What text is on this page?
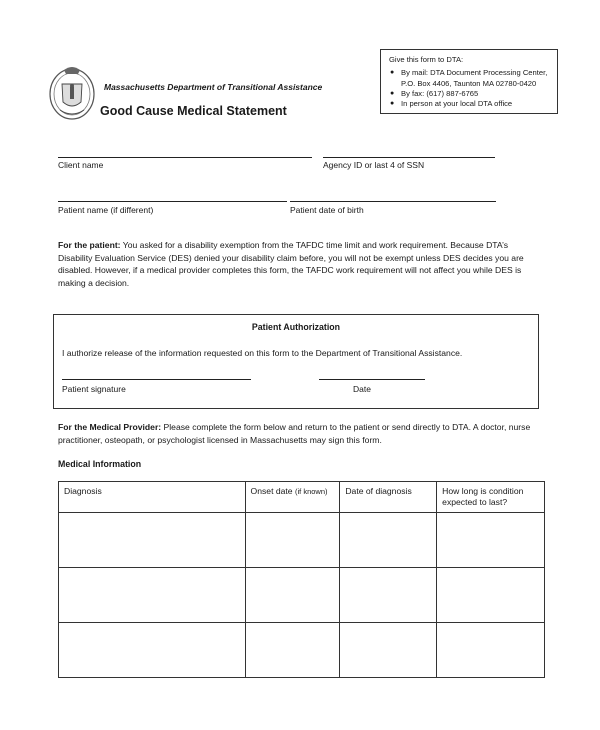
Massachusetts Department of Transitional Assistance
Good Cause Medical Statement
Give this form to DTA:
● By mail: DTA Document Processing Center,
P.O. Box 4406, Taunton MA 02780-0420
● By fax: (617) 887-6765
● In person at your local DTA office
Client name	Agency ID or last 4 of SSN
Patient name (if different)	Patient date of birth
For the patient: You asked for a disability exemption from the TAFDC time limit and work requirement. Because DTA’s Disability Evaluation Service (DES) denied your disability claim before, you will not be exempt unless DES decides you are disabled. However, if a medical provider completes this form, the TAFDC work requirement will not affect you while DES is making a decision.
Patient Authorization
I authorize release of the information requested on this form to the Department of Transitional Assistance.
Patient signature	Date
For the Medical Provider: Please complete the form below and return to the patient or send directly to DTA. A doctor, nurse practitioner, osteopath, or psychologist licensed in Massachusetts may sign this form.
Medical Information
Diagnosis	Onset date (if known)	Date of diagnosis	How long is condition expected to last?
